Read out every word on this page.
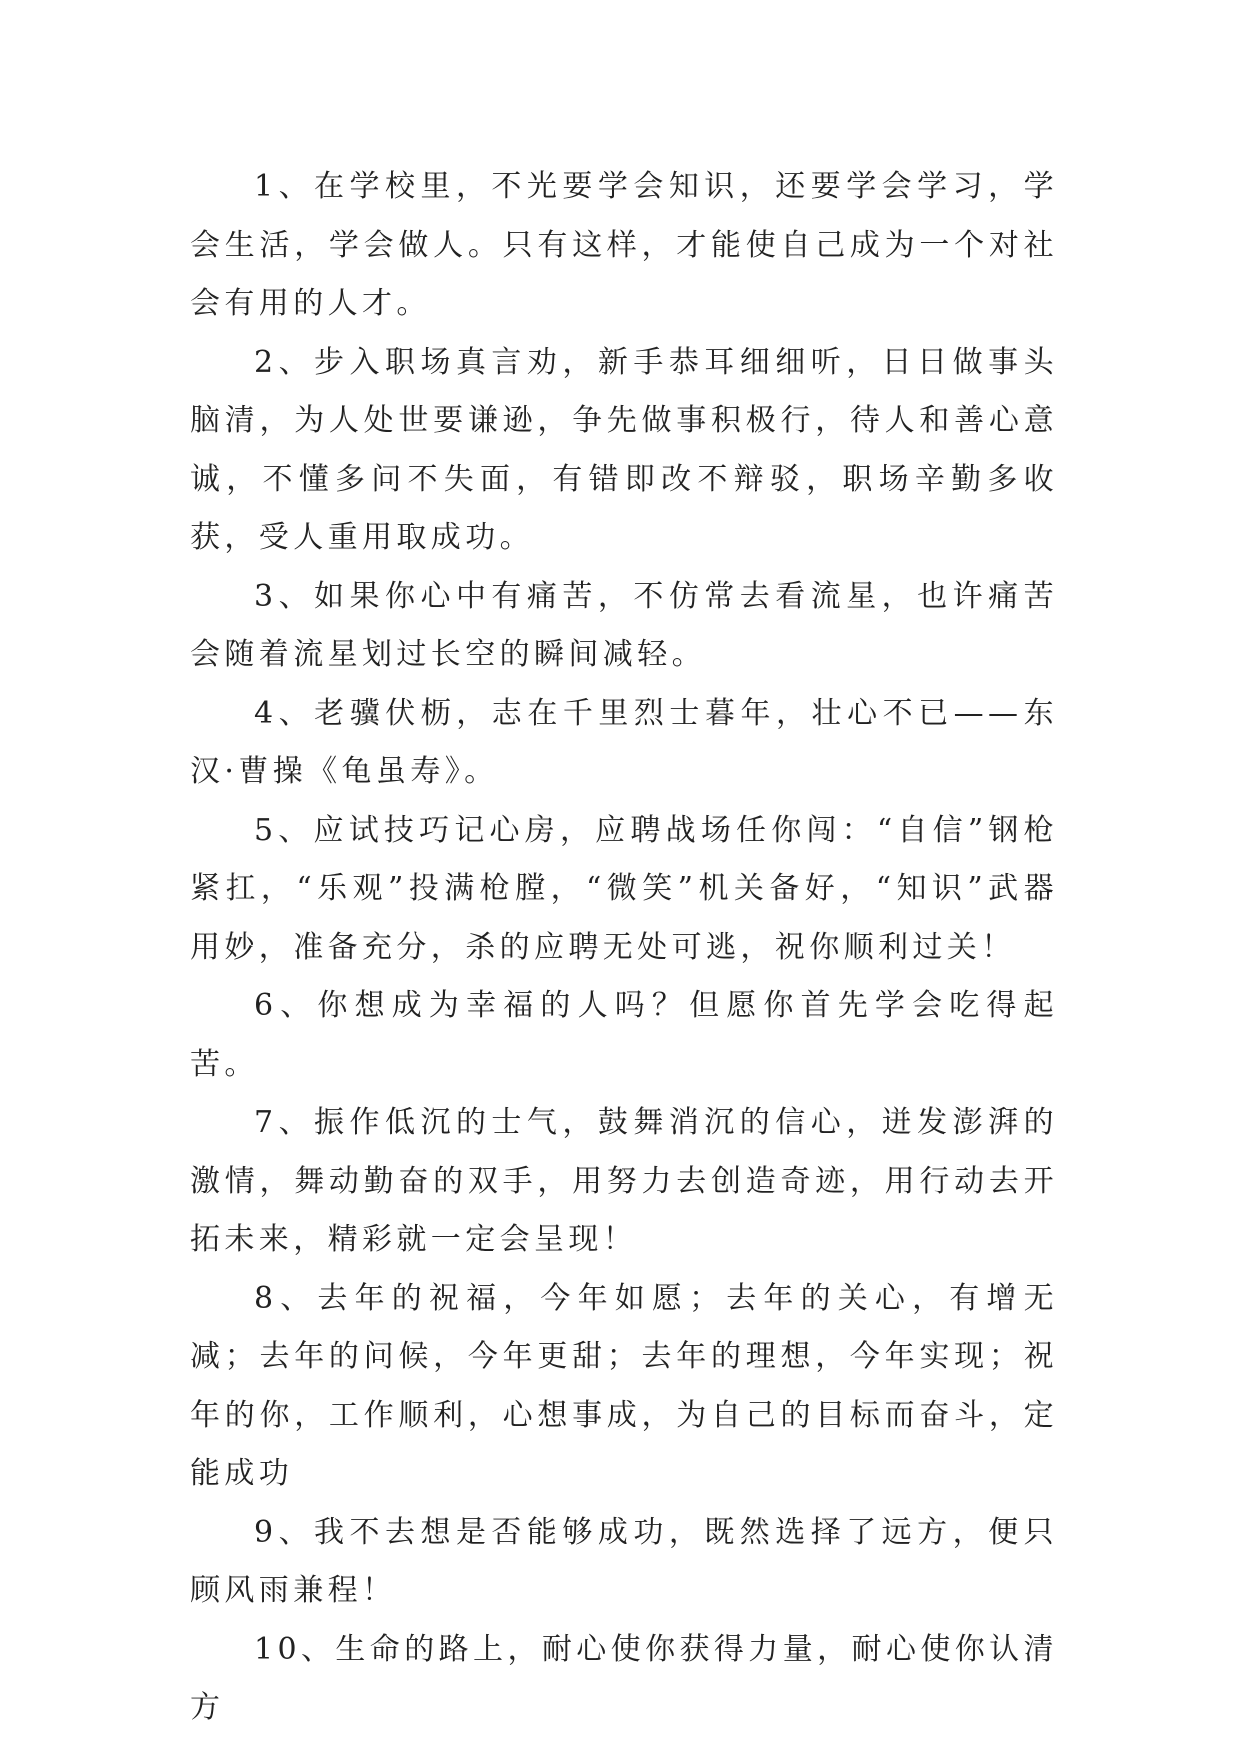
1、在学校里，不光要学会知识，还要学会学习，学会生活，学会做人。只有这样，才能使自己成为一个对社会有用的人才。

2、步入职场真言劝，新手恭耳细细听，日日做事头脑清，为人处世要谦逊，争先做事积极行，待人和善心意诚，不懂多问不失面，有错即改不辩驳，职场辛勤多收获，受人重用取成功。

3、如果你心中有痛苦，不仿常去看流星，也许痛苦会随着流星划过长空的瞬间减轻。

4、老骥伏枥，志在千里烈士暮年，壮心不已——东汉·曹操《龟虽寿》。

5、应试技巧记心房，应聘战场任你闯：“自信”钢枪紧扛，“乐观”投满枪膛，“微笑”机关备好，“知识”武器用妙，准备充分，杀的应聘无处可逃，祝你顺利过关！

6、你想成为幸福的人吗？但愿你首先学会吃得起苦。

7、振作低沉的士气，鼓舞消沉的信心，迸发澎湃的激情，舞动勤奋的双手，用努力去创造奇迹，用行动去开拓未来，精彩就一定会呈现！

8、去年的祝福，今年如愿；去年的关心，有增无减；去年的问候，今年更甜；去年的理想，今年实现；祝年的你，工作顺利，心想事成，为自己的目标而奋斗，定能成功

9、我不去想是否能够成功，既然选择了远方，便只顾风雨兼程！

10、生命的路上，耐心使你获得力量，耐心使你认清方
